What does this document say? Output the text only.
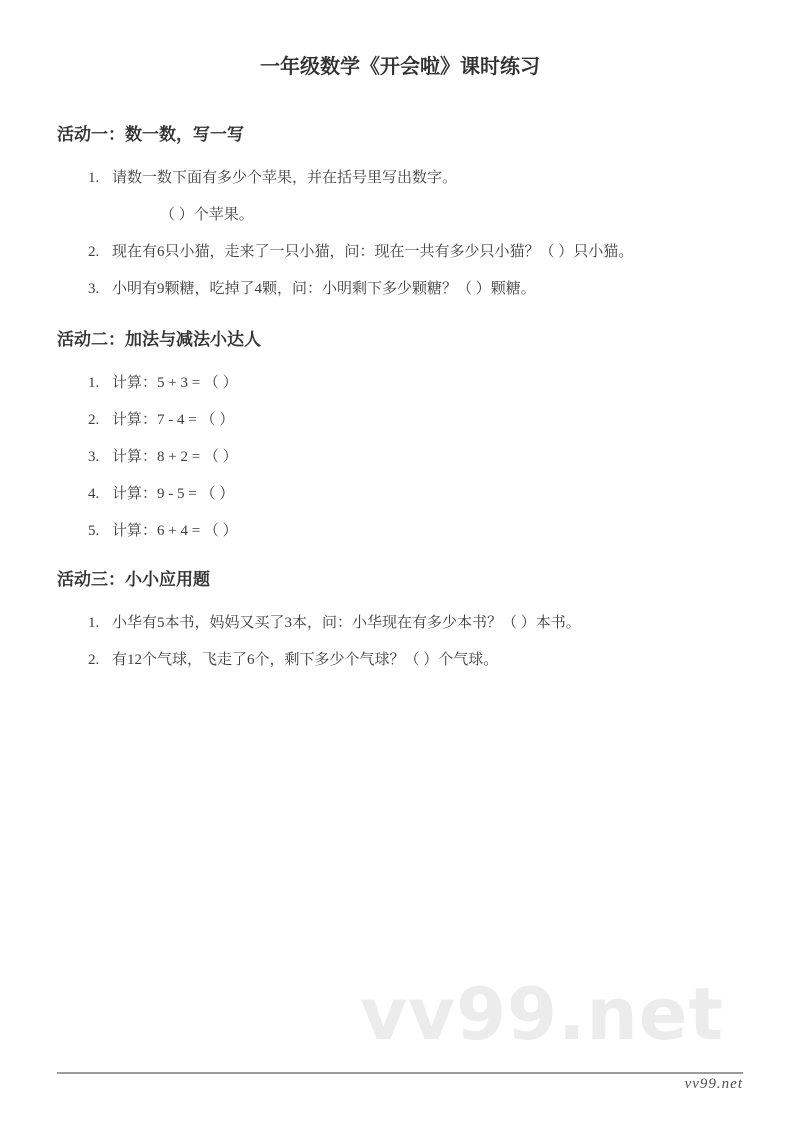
一年级数学《开会啦》课时练习
活动一：数一数，写一写
1. 请数一数下面有多少个苹果，并在括号里写出数字。
（ ）个苹果。
2. 现在有6只小猫，走来了一只小猫，问：现在一共有多少只小猫？（ ）只小猫。
3. 小明有9颗糖，吃掉了4颗，问：小明剩下多少颗糖？（ ）颗糖。
活动二：加法与减法小达人
1. 计算：5 + 3 = （ ）
2. 计算：7 - 4 = （ ）
3. 计算：8 + 2 = （ ）
4. 计算：9 - 5 = （ ）
5. 计算：6 + 4 = （ ）
活动三：小小应用题
1. 小华有5本书，妈妈又买了3本，问：小华现在有多少本书？（ ）本书。
2. 有12个气球，飞走了6个，剩下多少个气球？（ ）个气球。
vv99.net
vv99.net
